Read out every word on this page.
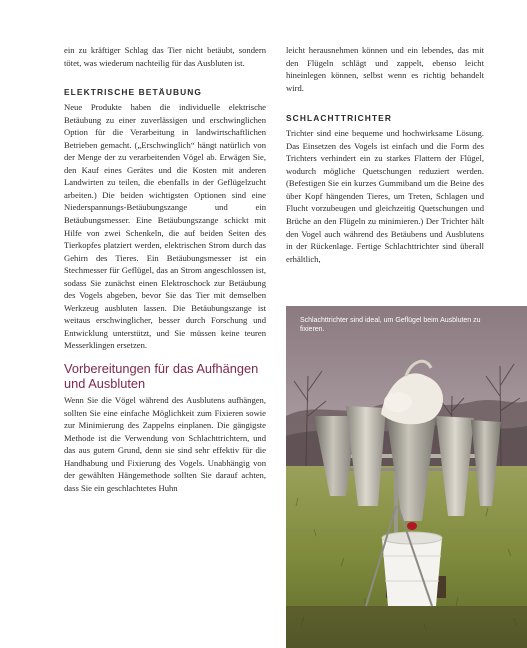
ein zu kräftiger Schlag das Tier nicht betäubt, sondern tötet, was wiederum nachteilig für das Ausbluten ist.

ELEKTRISCHE BETÄUBUNG

Neue Produkte haben die individuelle elektrische Betäubung zu einer zuverlässigen und erschwinglichen Option für die Verarbeitung in landwirtschaftlichen Betrieben gemacht. („Erschwinglich“ hängt natürlich von der Menge der zu verarbeitenden Vögel ab. Erwägen Sie, den Kauf eines Gerätes und die Kosten mit anderen Landwirten zu teilen, die ebenfalls in der Geflügelzucht arbeiten.) Die beiden wichtigsten Optionen sind eine Niederspannungs-Betäubungszange und ein Betäubungsmesser. Eine Betäubungszange schickt mit Hilfe von zwei Schenkeln, die auf beiden Seiten des Tierkopfes platziert werden, elektrischen Strom durch das Gehirn des Tieres. Ein Betäubungsmesser ist ein Stechmesser für Geflügel, das an Strom angeschlossen ist, sodass Sie zunächst einen Elektroschock zur Betäubung des Vogels abgeben, bevor Sie das Tier mit demselben Werkzeug ausbluten lassen. Die Betäubungszange ist weitaus erschwinglicher, besser durch Forschung und Entwicklung unterstützt, und Sie müssen keine teuren Messerklingen ersetzen.

Vorbereitungen für das Aufhängen und Ausbluten

Wenn Sie die Vögel während des Ausblutens aufhängen, sollten Sie eine einfache Möglichkeit zum Fixieren sowie zur Minimierung des Zappelns einplanen. Die gängigste Methode ist die Verwendung von Schlachttrichtern, und das aus gutem Grund, denn sie sind sehr effektiv für die Handhabung und Fixierung des Vogels. Unabhängig von der gewählten Hängemethode sollten Sie darauf achten, dass Sie ein geschlachtetes Huhn

leicht herausnehmen können und ein lebendes, das mit den Flügeln schlägt und zappelt, ebenso leicht hineinlegen können, selbst wenn es richtig behandelt wird.

SCHLACHTTRICHTER

Trichter sind eine bequeme und hochwirksame Lösung. Das Einsetzen des Vogels ist einfach und die Form des Trichters verhindert ein zu starkes Flattern der Flügel, wodurch mögliche Quetschungen reduziert werden. (Befestigen Sie ein kurzes Gummiband um die Beine des über Kopf hängenden Tieres, um Treten, Schlagen und Flucht vorzubeugen und gleichzeitig Quetschungen und Brüche an den Flügeln zu minimieren.) Der Trichter hält den Vogel auch während des Betäubens und Ausblutens in der Rückenlage. Fertige Schlachttrichter sind überall erhältlich,

Schlachttrichter sind ideal, um Geflügel beim Ausbluten zu fixieren.
